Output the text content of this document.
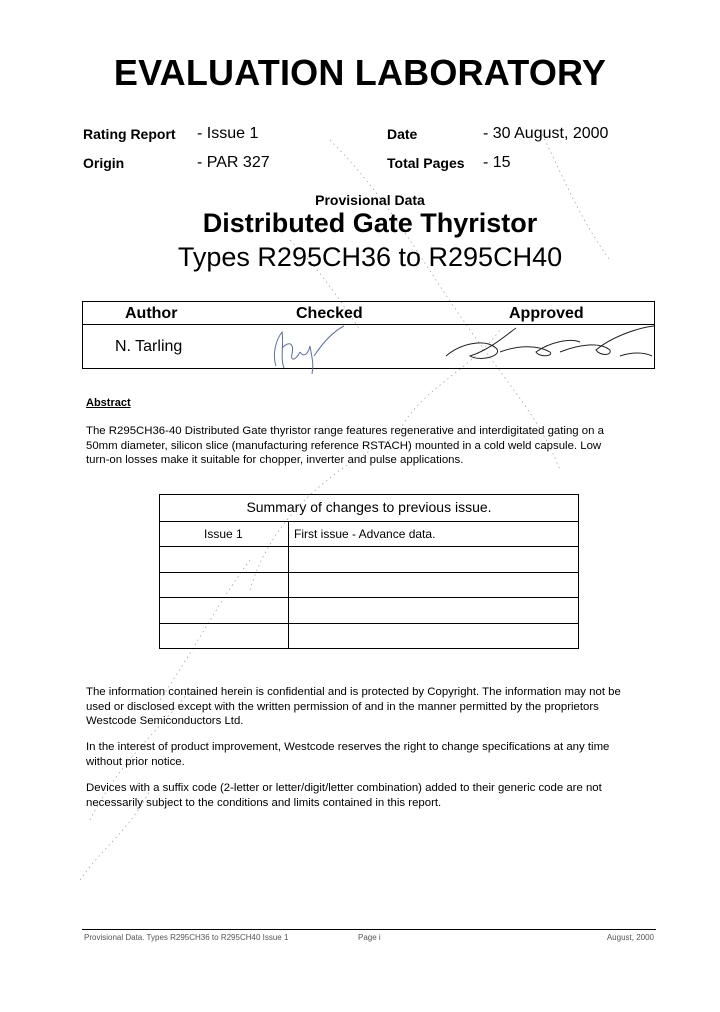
EVALUATION LABORATORY
Rating Report - Issue 1	Date	- 30 August, 2000
Origin	- PAR 327	Total Pages - 15
Provisional Data
Distributed Gate Thyristor
Types R295CH36 to R295CH40
Author	Checked	Approved
N. Tarling
Abstract
The R295CH36-40 Distributed Gate thyristor range features regenerative and interdigitated gating on a
50mm diameter, silicon slice (manufacturing reference RSTACH) mounted in a cold weld capsule. Low
turn-on losses make it suitable for chopper, inverter and pulse applications.
Summary of changes to previous issue.
Issue 1	First issue - Advance data.
The information contained herein is confidential and is protected by Copyright. The information may not be
used or disclosed except with the written permission of and in the manner permitted by the proprietors
Westcode Semiconductors Ltd.
In the interest of product improvement, Westcode reserves the right to change specifications at any time
without prior notice.
Devices with a suffix code (2-letter or letter/digit/letter combination) added to their generic code are not
necessarily subject to the conditions and limits contained in this report.
Provisional Data. Types R295CH36 to R295CH40 Issue 1	Page i	August, 2000
